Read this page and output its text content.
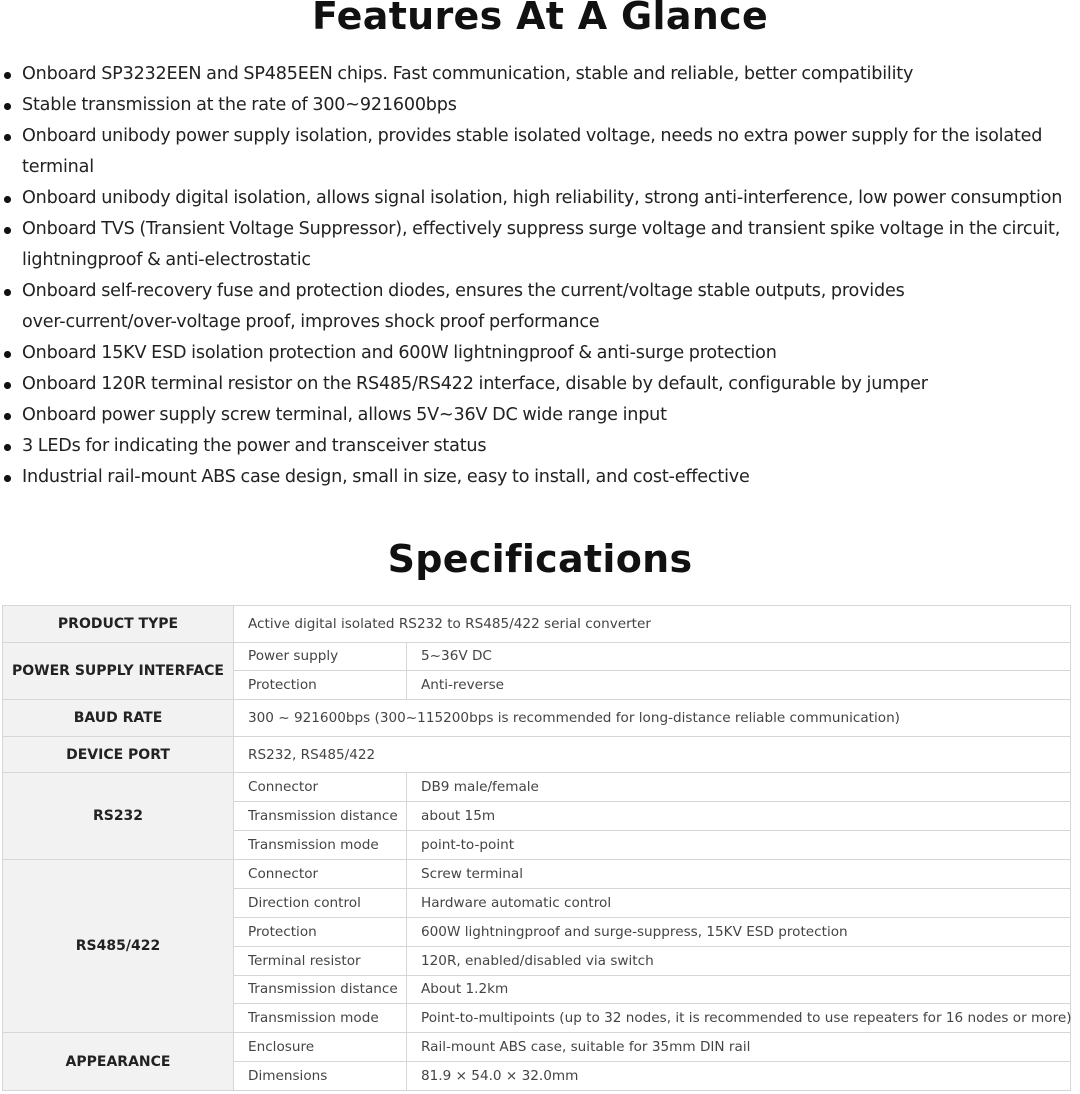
Features At A Glance
Onboard SP3232EEN and SP485EEN chips. Fast communication, stable and reliable, better compatibility
Stable transmission at the rate of 300~921600bps
Onboard unibody power supply isolation, provides stable isolated voltage, needs no extra power supply for the isolated
terminal
Onboard unibody digital isolation, allows signal isolation, high reliability, strong anti-interference, low power consumption
Onboard TVS (Transient Voltage Suppressor), effectively suppress surge voltage and transient spike voltage in the circuit,
lightningproof & anti-electrostatic
Onboard self-recovery fuse and protection diodes, ensures the current/voltage stable outputs, provides
over-current/over-voltage proof, improves shock proof performance
Onboard 15KV ESD isolation protection and 600W lightningproof & anti-surge protection
Onboard 120R terminal resistor on the RS485/RS422 interface, disable by default, configurable by jumper
Onboard power supply screw terminal, allows 5V~36V DC wide range input
3 LEDs for indicating the power and transceiver status
Industrial rail-mount ABS case design, small in size, easy to install, and cost-effective
Specifications
PRODUCT TYPE	Active digital isolated RS232 to RS485/422 serial converter	
POWER SUPPLY INTERFACE	Power supply	5~36V DC
	Protection	Anti-reverse
BAUD RATE	300 ~ 921600bps (300~115200bps is recommended for long-distance reliable communication)	
DEVICE PORT	RS232, RS485/422	
RS232	Connector	DB9 male/female
	Transmission distance	about 15m
	Transmission mode	point-to-point
RS485/422	Connector	Screw terminal
	Direction control	Hardware automatic control
	Protection	600W lightningproof and surge-suppress, 15KV ESD protection
	Terminal resistor	120R, enabled/disabled via switch
	Transmission distance	About 1.2km
	Transmission mode	Point-to-multipoints (up to 32 nodes, it is recommended to use repeaters for 16 nodes or more)
APPEARANCE	Enclosure	Rail-mount ABS case, suitable for 35mm DIN rail
	Dimensions	81.9 × 54.0 × 32.0mm
